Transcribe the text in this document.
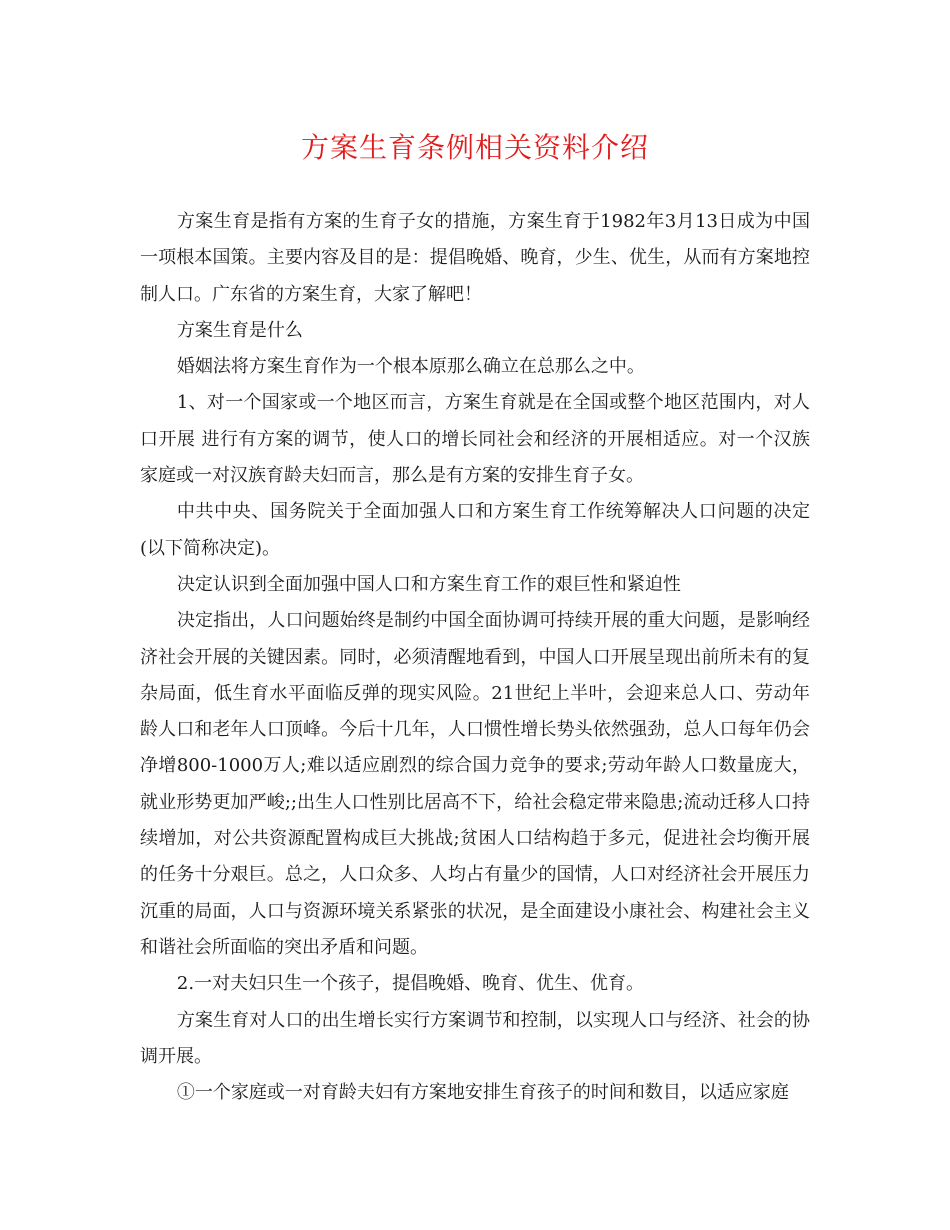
方案生育条例相关资料介绍

方案生育是指有方案的生育子女的措施，方案生育于1982年3月13日成为中国一项根本国策。主要内容及目的是：提倡晚婚、晚育，少生、优生，从而有方案地控制人口。广东省的方案生育，大家了解吧！

方案生育是什么

婚姻法将方案生育作为一个根本原那么确立在总那么之中。

1、对一个国家或一个地区而言，方案生育就是在全国或整个地区范围内，对人口开展 进行有方案的调节，使人口的增长同社会和经济的开展相适应。对一个汉族家庭或一对汉族育龄夫妇而言，那么是有方案的安排生育子女。

中共中央、国务院关于全面加强人口和方案生育工作统筹解决人口问题的决定(以下简称决定)。

决定认识到全面加强中国人口和方案生育工作的艰巨性和紧迫性

决定指出，人口问题始终是制约中国全面协调可持续开展的重大问题，是影响经济社会开展的关键因素。同时，必须清醒地看到，中国人口开展呈现出前所未有的复杂局面，低生育水平面临反弹的现实风险。21世纪上半叶，会迎来总人口、劳动年龄人口和老年人口顶峰。今后十几年，人口惯性增长势头依然强劲，总人口每年仍会净增800-1000万人;难以适应剧烈的综合国力竞争的要求;劳动年龄人口数量庞大，就业形势更加严峻;;出生人口性别比居高不下，给社会稳定带来隐患;流动迁移人口持续增加，对公共资源配置构成巨大挑战;贫困人口结构趋于多元，促进社会均衡开展的任务十分艰巨。总之，人口众多、人均占有量少的国情，人口对经济社会开展压力沉重的局面，人口与资源环境关系紧张的状况，是全面建设小康社会、构建社会主义和谐社会所面临的突出矛盾和问题。

2.一对夫妇只生一个孩子，提倡晚婚、晚育、优生、优育。

方案生育对人口的出生增长实行方案调节和控制，以实现人口与经济、社会的协调开展。

①一个家庭或一对育龄夫妇有方案地安排生育孩子的时间和数目，以适应家庭
